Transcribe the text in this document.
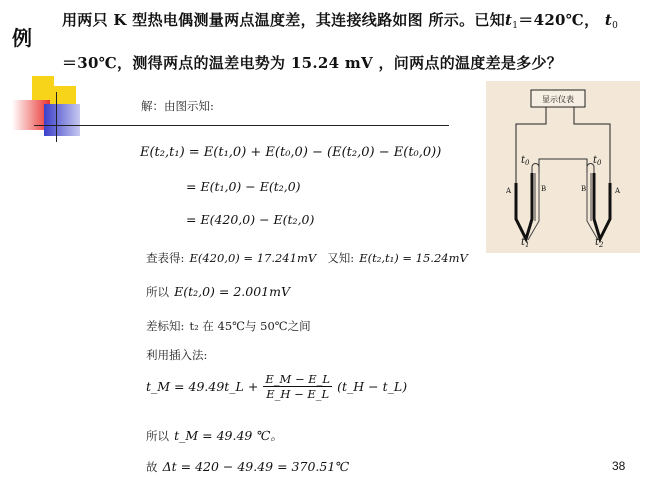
例
用两只 K 型热电偶测量两点温度差，其连接线路如图 所示。已知$t_1=420℃$， $t_0$
＝30℃，测得两点的温差电势为 15.24 mV ，问两点的温度差是多少？
解：由图示知:
E(t₂,t₁) = E(t₁,0) + E(t₀,0) − (E(t₂,0) − E(t₀,0))
= E(t₁,0) − E(t₂,0)
= E(420,0) − E(t₂,0)
查表得: E(420,0) = 17.241mV 又知: E(t₂,t₁) = 15.24mV
所以 E(t₂,0) = 2.001mV
差标知: t₂ 在 45℃与 50℃之间
利用插入法:
t_M = 49.49t_L + $\frac{E\_M - E\_L}{E\_H - E\_L}$ (t_H − t_L)
所以 t_M = 49.49 ℃。
故 Δt = 420 − 49.49 = 370.51℃
显示仪表
$t_0$	$t_0$
A	B	B	A
$t_1$	$t_2$
38
